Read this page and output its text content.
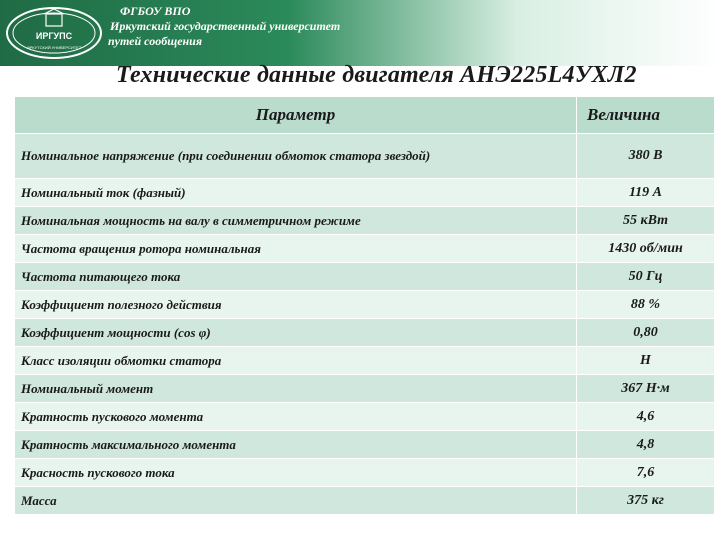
ИРГУПС
ИРКУТСКИЙ УНИВЕРСИТЕТ
ФГБОУ ВПО
Иркутский государственный университет
путей сообщения
Технические данные двигателя АНЭ225L4УХЛ2
Параметр	Величина
Номинальное напряжение (при соединении обмоток статора звездой)	380 В
Номинальный ток (фазный)	119 А
Номинальная мощность на валу в симметричном режиме	55 кВт
Частота вращения ротора номинальная	1430 об/мин
Частота питающего тока	50 Гц
Коэффициент полезного действия	88 %
Коэффициент мощности (cos φ)	0,80
Класс изоляции обмотки статора	Н
Номинальный момент	367 Н·м
Кратность пускового момента	4,6
Кратность максимального момента	4,8
Красность пускового тока	7,6
Масса	375 кг
